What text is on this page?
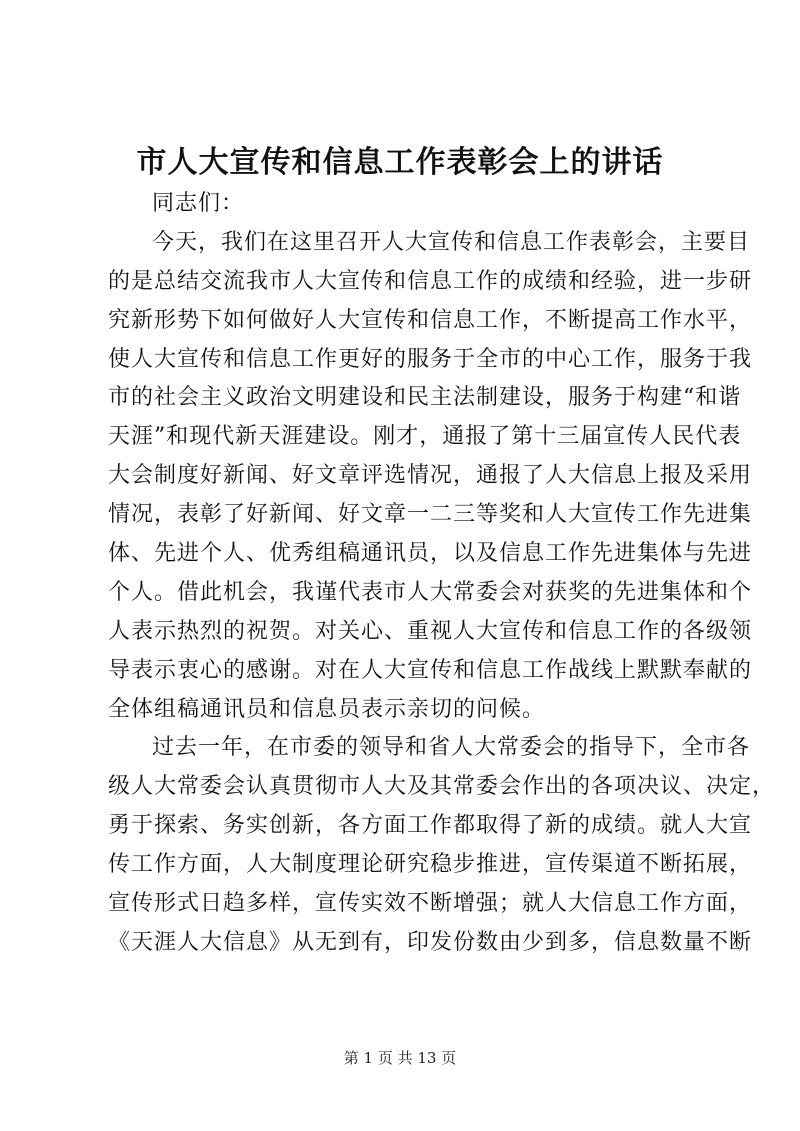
市人大宣传和信息工作表彰会上的讲话
同志们：
今天，我们在这里召开人大宣传和信息工作表彰会，主要目
的是总结交流我市人大宣传和信息工作的成绩和经验，进一步研
究新形势下如何做好人大宣传和信息工作，不断提高工作水平，
使人大宣传和信息工作更好的服务于全市的中心工作，服务于我
市的社会主义政治文明建设和民主法制建设，服务于构建“和谐
天涯”和现代新天涯建设。刚才，通报了第十三届宣传人民代表
大会制度好新闻、好文章评选情况，通报了人大信息上报及采用
情况，表彰了好新闻、好文章一二三等奖和人大宣传工作先进集
体、先进个人、优秀组稿通讯员，以及信息工作先进集体与先进
个人。借此机会，我谨代表市人大常委会对获奖的先进集体和个
人表示热烈的祝贺。对关心、重视人大宣传和信息工作的各级领
导表示衷心的感谢。对在人大宣传和信息工作战线上默默奉献的
全体组稿通讯员和信息员表示亲切的问候。
过去一年，在市委的领导和省人大常委会的指导下，全市各
级人大常委会认真贯彻市人大及其常委会作出的各项决议、决定，
勇于探索、务实创新，各方面工作都取得了新的成绩。就人大宣
传工作方面，人大制度理论研究稳步推进，宣传渠道不断拓展，
宣传形式日趋多样，宣传实效不断增强；就人大信息工作方面，
《天涯人大信息》从无到有，印发份数由少到多，信息数量不断
第 1 页 共 13 页
